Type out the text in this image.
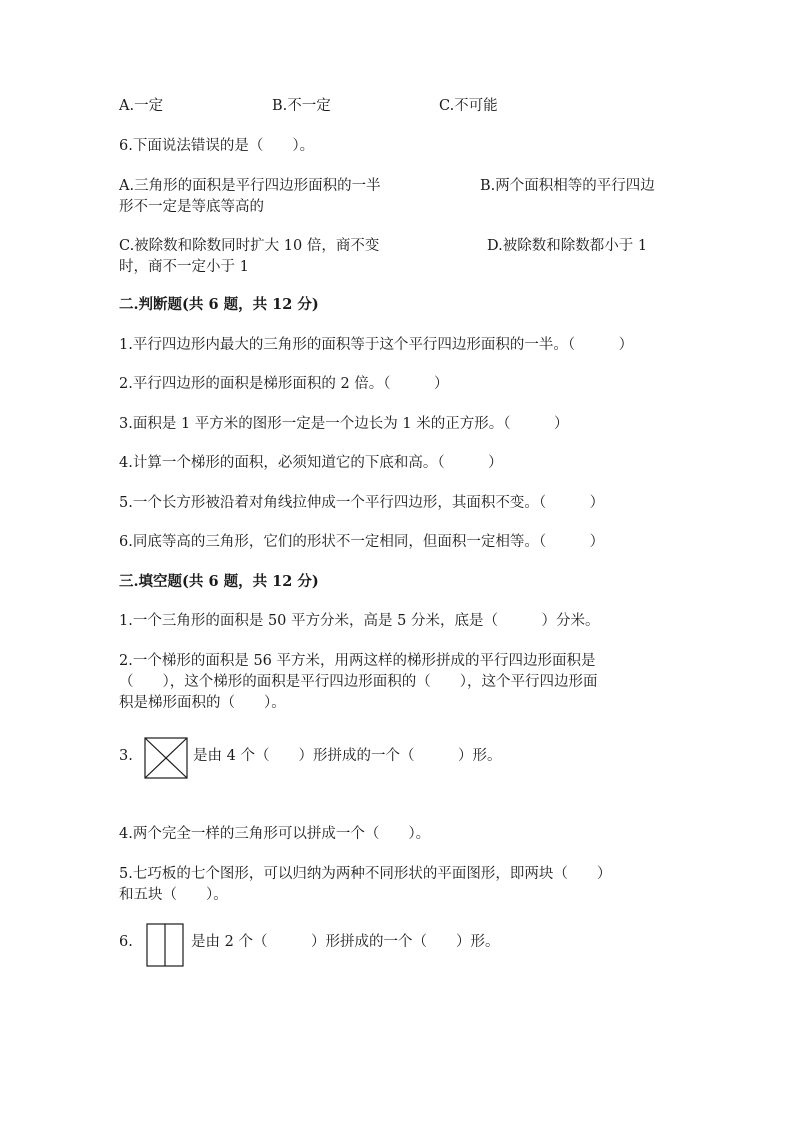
A.一定	B.不一定	C.不可能
6.下面说法错误的是（　　）。
A.三角形的面积是平行四边形面积的一半	B.两个面积相等的平行四边
形不一定是等底等高的
C.被除数和除数同时扩大 10 倍，商不变	D.被除数和除数都小于 1
时，商不一定小于 1
二.判断题(共 6 题，共 12 分)
1.平行四边形内最大的三角形的面积等于这个平行四边形面积的一半。（　　　）
2.平行四边形的面积是梯形面积的 2 倍。（　　　）
3.面积是 1 平方米的图形一定是一个边长为 1 米的正方形。（　　　）
4.计算一个梯形的面积，必须知道它的下底和高。（　　　）
5.一个长方形被沿着对角线拉伸成一个平行四边形，其面积不变。（　　　）
6.同底等高的三角形，它们的形状不一定相同，但面积一定相等。（　　　）
三.填空题(共 6 题，共 12 分)
1.一个三角形的面积是 50 平方分米，高是 5 分米，底是（　　　）分米。
2.一个梯形的面积是 56 平方米，用两这样的梯形拼成的平行四边形面积是
（　　），这个梯形的面积是平行四边形面积的（　　），这个平行四边形面
积是梯形面积的（　　）。
3.	是由 4 个（　　）形拼成的一个（　　　）形。
4.两个完全一样的三角形可以拼成一个（　　）。
5.七巧板的七个图形，可以归纳为两种不同形状的平面图形，即两块（　　）
和五块（　　）。
6.	是由 2 个（　　　）形拼成的一个（　　）形。
